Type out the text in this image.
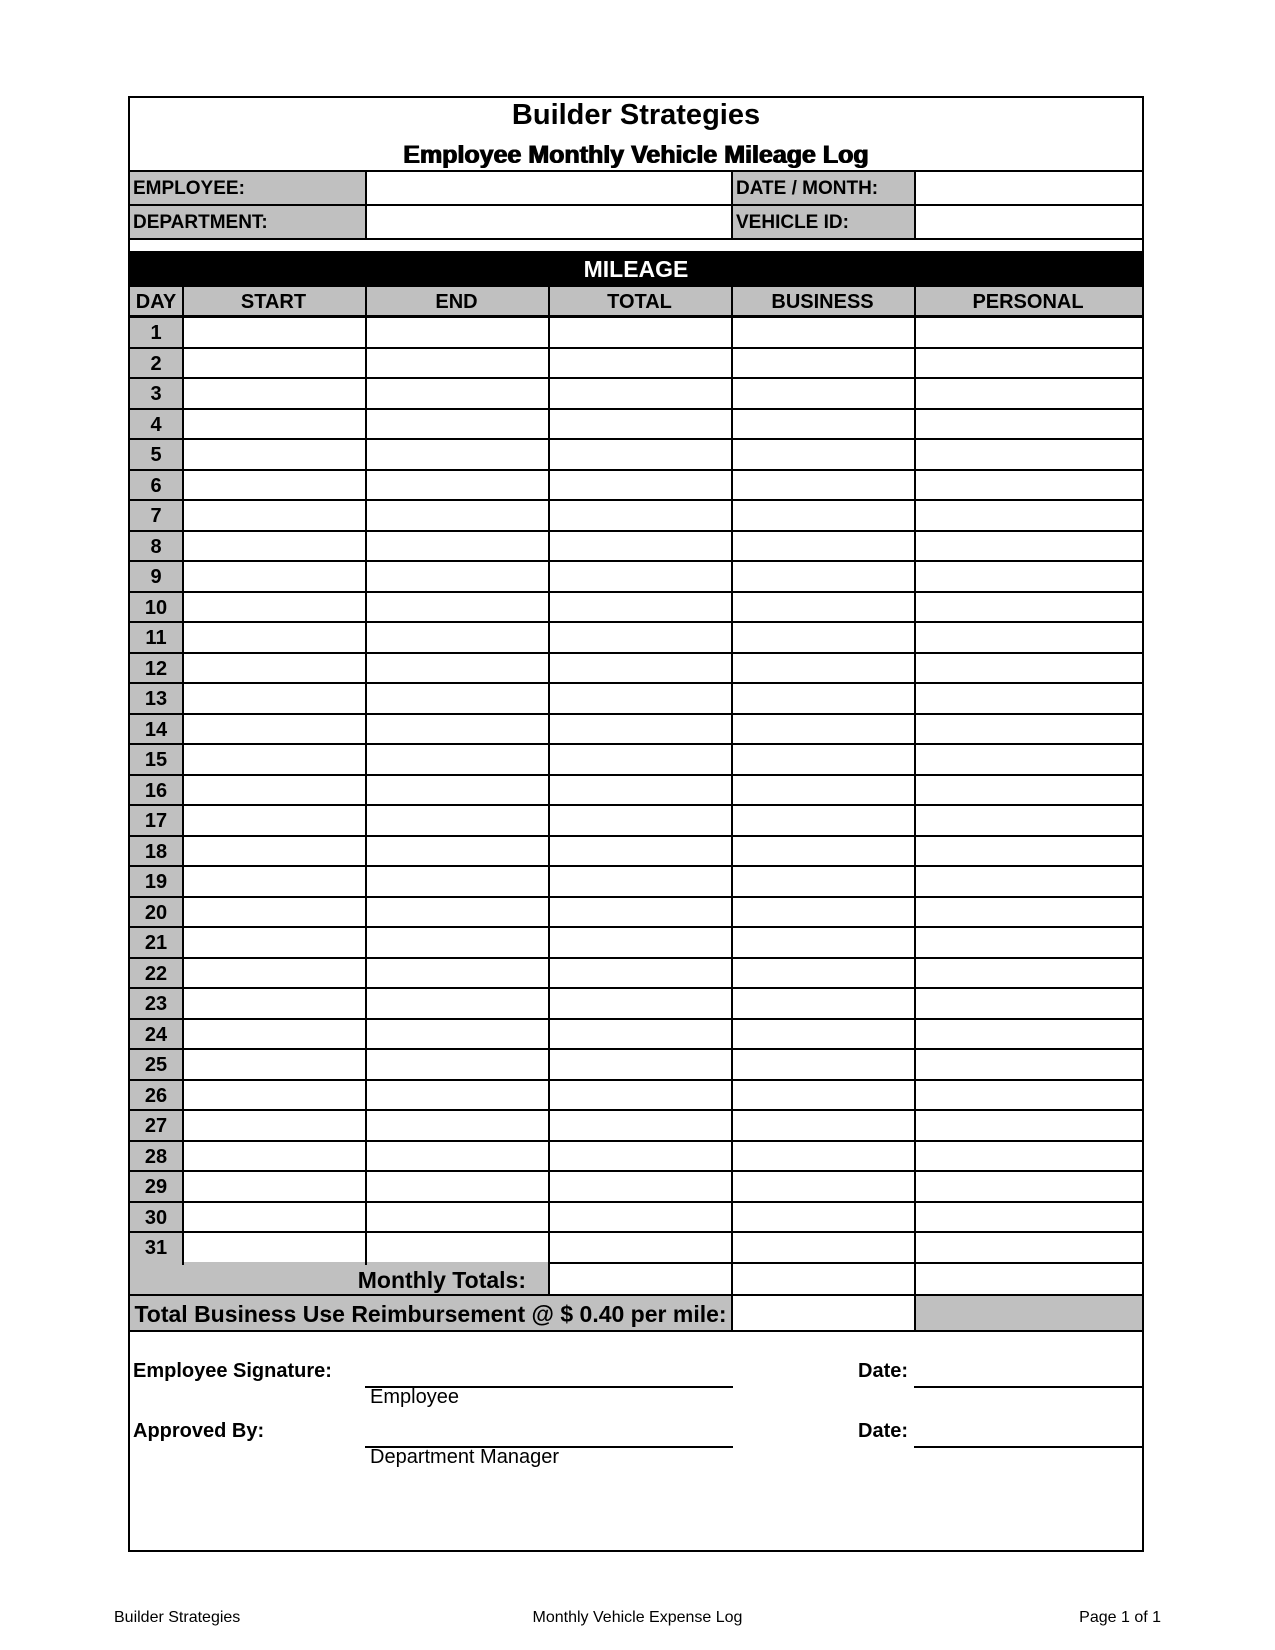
Builder Strategies
Employee Monthly Vehicle Mileage Log
EMPLOYEE:	DATE / MONTH:
DEPARTMENT:	VEHICLE ID:
MILEAGE
DAY	START	END	TOTAL	BUSINESS	PERSONAL
1
2
3
4
5
6
7
8
9
10
11
12
13
14
15
16
17
18
19
20
21
22
23
24
25
26
27
28
29
30
31
Monthly Totals:
Total Business Use Reimbursement @ $ 0.40 per mile:
Employee Signature:
Employee
Date:
Approved By:
Department Manager
Date:
Builder Strategies	Monthly Vehicle Expense Log	Page 1 of 1
